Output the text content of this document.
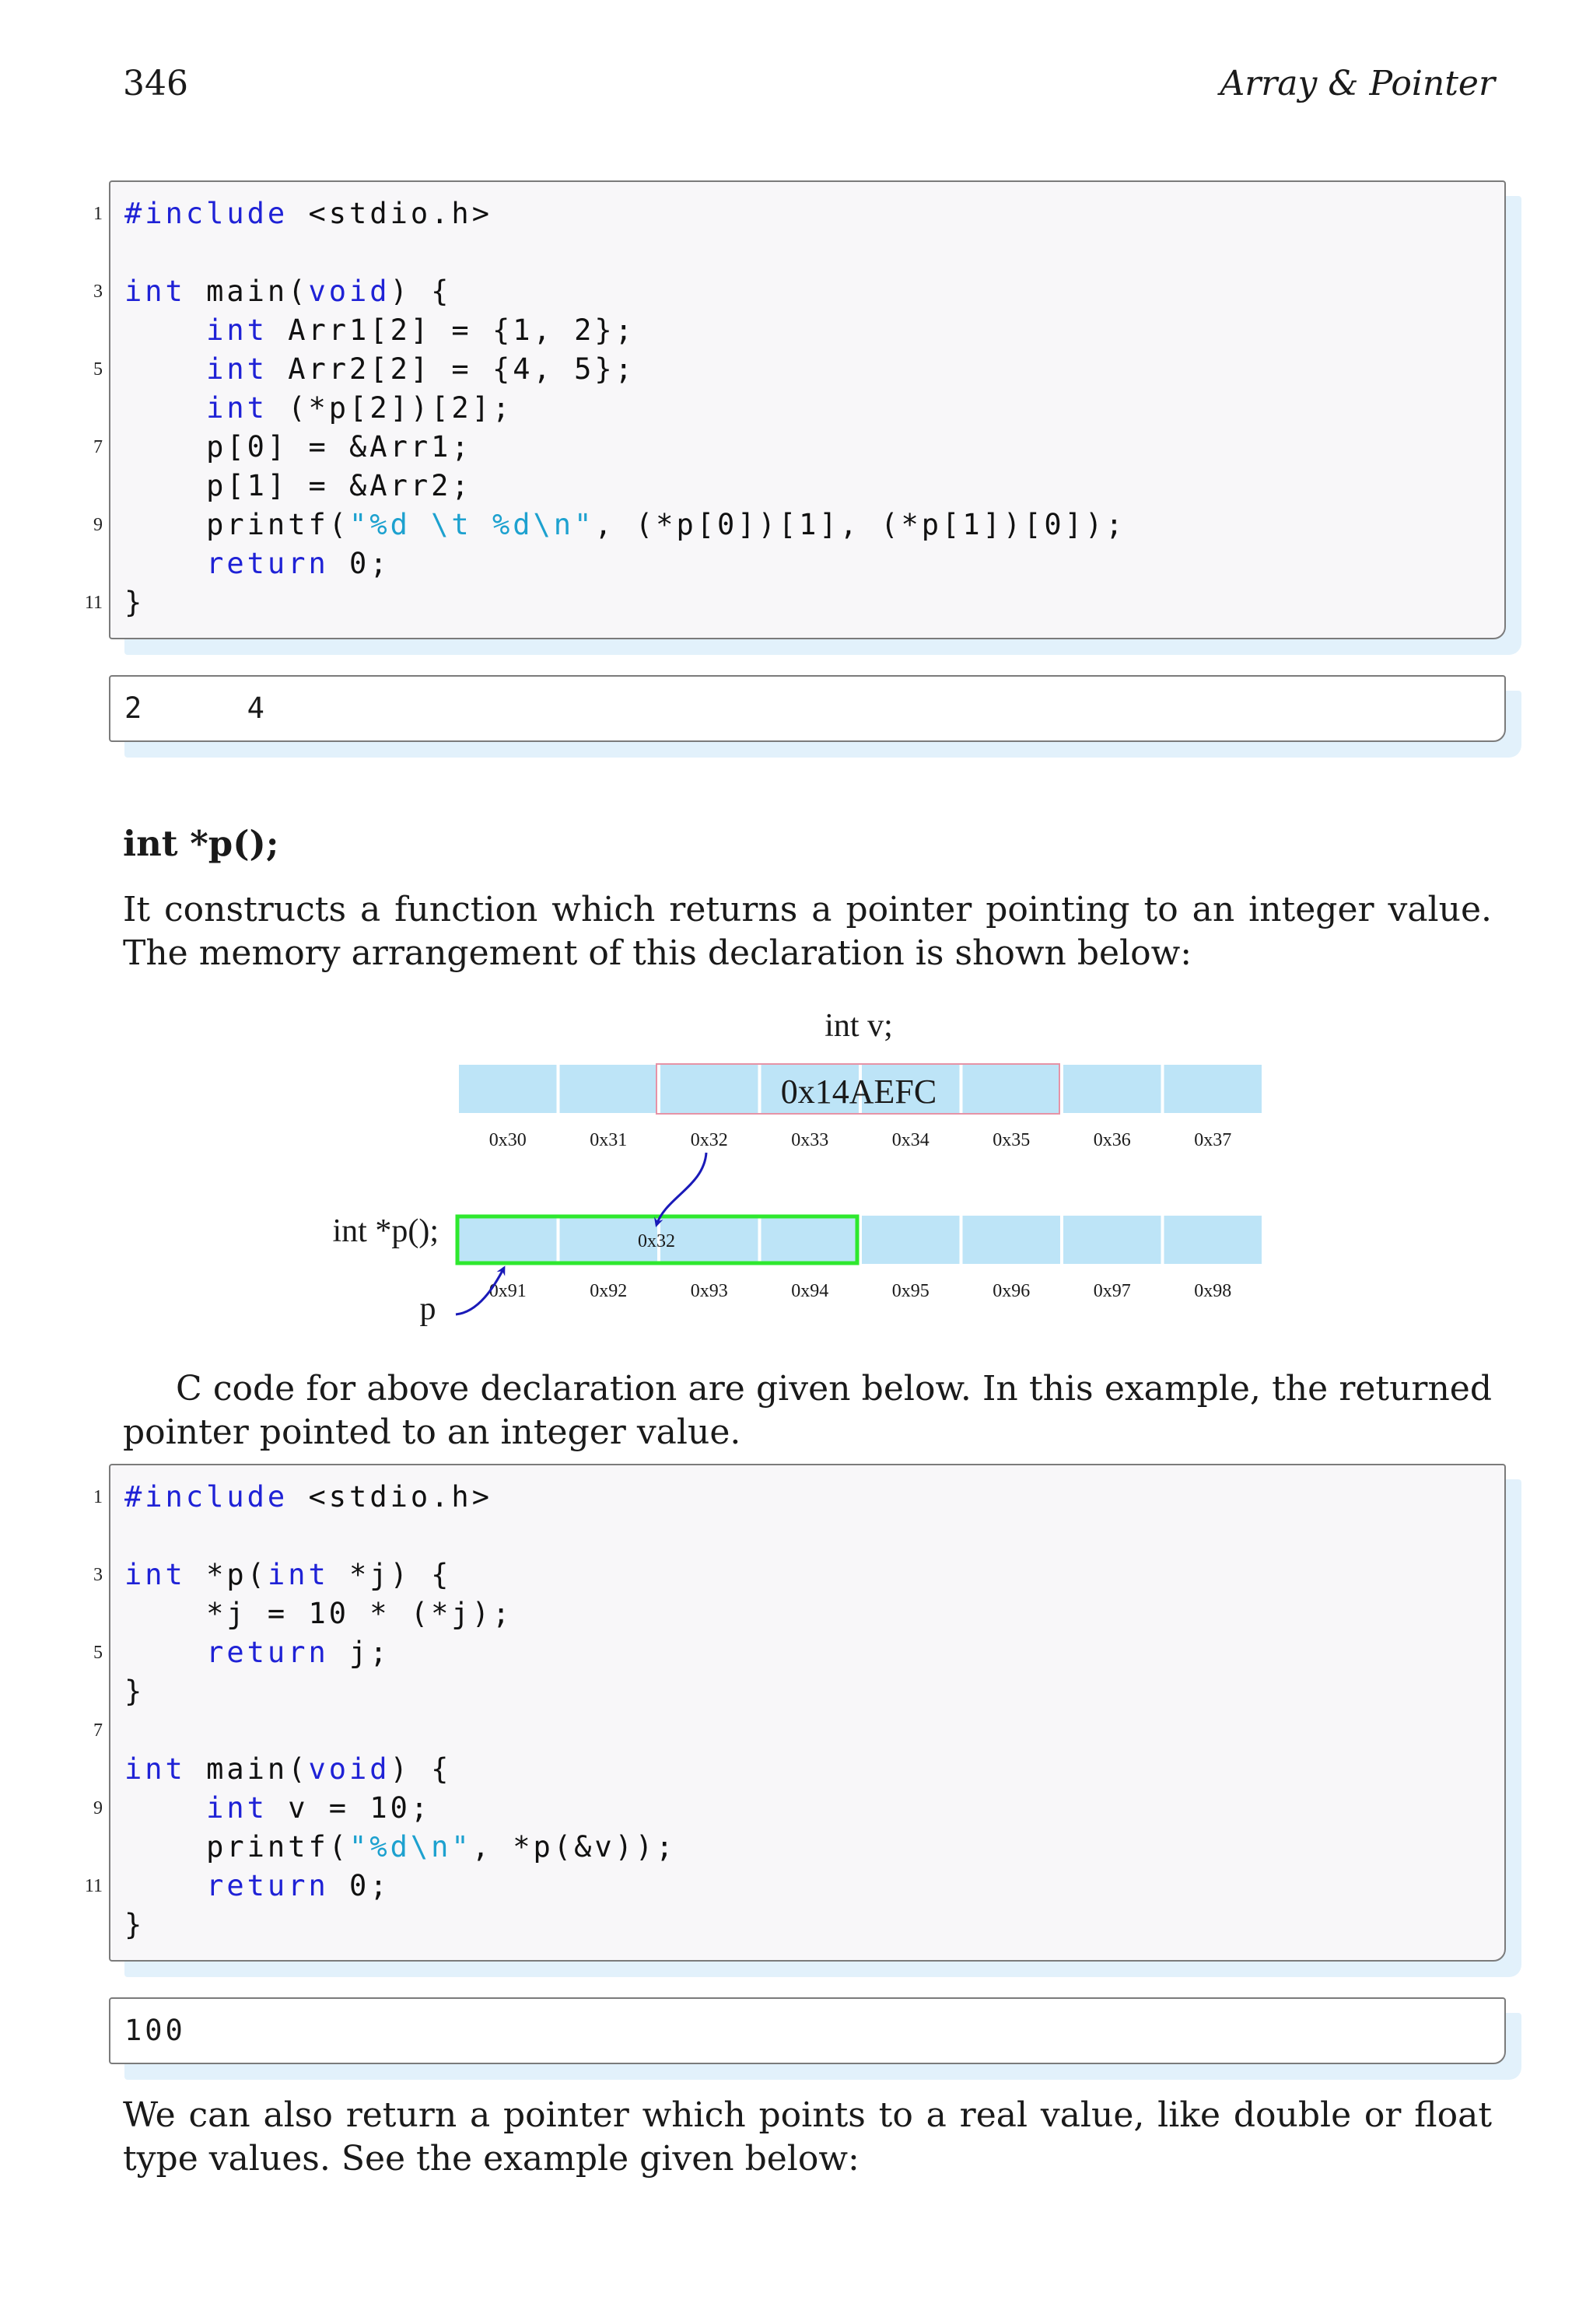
346	Array & Pointer
1 #include <stdio.h>
3 int main(void) {
int Arr1[2] = {1, 2};
5	int Arr2[2] = {4, 5};
int (*p[2])[2];
7 p[0] = &Arr1;
p[1] = &Arr2;
9 printf("%d \t %d\n", (*p[0])[1], (*p[1])[0]);
return 0;
11 }
2     4
int *p();
It constructs a function which returns a pointer pointing to an integer value. The memory arrangement of this declaration is shown below:
int v;
0x14AEFC
0x30	0x31	0x32	0x33	0x34	0x35	0x36	0x37
int *p();	0x32
0x91	0x92	0x93	0x94	0x95	0x96	0x97	0x98
p
C code for above declaration are given below. In this example, the returned pointer pointed to an integer value.
1 #include <stdio.h>
3 int *p(int *j) {
*j = 10 * (*j);
5	return j;
}
7
int main(void) {
9	int v = 10;
printf("%d\n", *p(&v));
11	return 0;
}
100
We can also return a pointer which points to a real value, like double or float type values. See the example given below:
